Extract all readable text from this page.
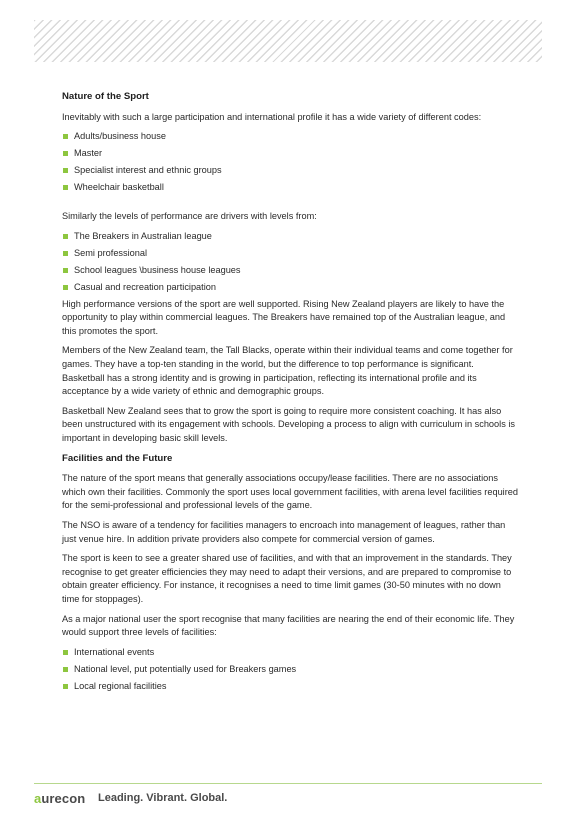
Nature of the Sport

Inevitably with such a large participation and international profile it has a wide variety of different codes:

Adults/business house
Master
Specialist interest and ethnic groups
Wheelchair basketball

Similarly the levels of performance are drivers with levels from:

The Breakers in Australian league
Semi professional
School leagues \business house leagues
Casual and recreation participation

High performance versions of the sport are well supported. Rising New Zealand players are likely to have the opportunity to play within commercial leagues. The Breakers have remained top of the Australian league, and this promotes the sport.

Members of the New Zealand team, the Tall Blacks, operate within their individual teams and come together for games. They have a top-ten standing in the world, but the difference to top performance is significant. Basketball has a strong identity and is growing in participation, reflecting its international profile and its acceptance by a wide variety of ethnic and demographic groups.

Basketball New Zealand sees that to grow the sport is going to require more consistent coaching. It has also been unstructured with its engagement with schools. Developing a process to align with curriculum in schools is important in developing basic skill levels.

Facilities and the Future

The nature of the sport means that generally associations occupy/lease facilities. There are no associations which own their facilities. Commonly the sport uses local government facilities, with arena level facilities required for the semi-professional and professional levels of the game.

The NSO is aware of a tendency for facilities managers to encroach into management of leagues, rather than just venue hire. In addition private providers also compete for commercial version of games.

The sport is keen to see a greater shared use of facilities, and with that an improvement in the standards. They recognise to get greater efficiencies they may need to adapt their versions, and are prepared to compromise to obtain greater efficiency. For instance, it recognises a need to time limit games (30-50 minutes with no down time for stoppages).

As a major national user the sport recognise that many facilities are nearing the end of their economic life. They would support three levels of facilities:

International events
National level, put potentially used for Breakers games
Local regional facilities
aurecon Leading. Vibrant. Global.
